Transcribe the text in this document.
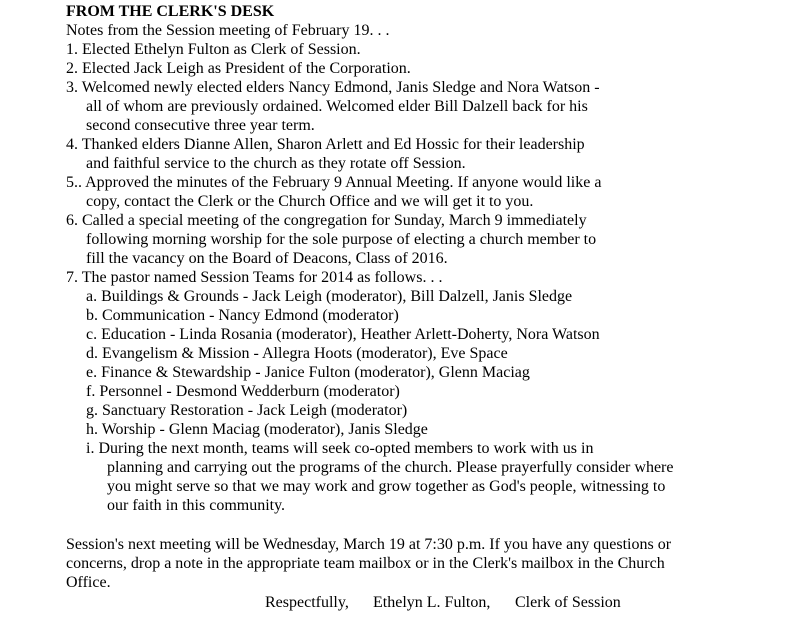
FROM THE CLERK'S DESK
Notes from the Session meeting of February 19. . .
1. Elected Ethelyn Fulton as Clerk of Session.
2. Elected Jack Leigh as President of the Corporation.
3. Welcomed newly elected elders Nancy Edmond, Janis Sledge and Nora Watson -
all of whom are previously ordained. Welcomed elder Bill Dalzell back for his
second consecutive three year term.
4. Thanked elders Dianne Allen, Sharon Arlett and Ed Hossic for their leadership
and faithful service to the church as they rotate off Session.
5.. Approved the minutes of the February 9 Annual Meeting. If anyone would like a
copy, contact the Clerk or the Church Office and we will get it to you.
6. Called a special meeting of the congregation for Sunday, March 9 immediately
following morning worship for the sole purpose of electing a church member to
fill the vacancy on the Board of Deacons, Class of 2016.
7. The pastor named Session Teams for 2014 as follows. . .
a. Buildings & Grounds - Jack Leigh (moderator), Bill Dalzell, Janis Sledge
b. Communication - Nancy Edmond (moderator)
c. Education - Linda Rosania (moderator), Heather Arlett-Doherty, Nora Watson
d. Evangelism & Mission - Allegra Hoots (moderator), Eve Space
e. Finance & Stewardship - Janice Fulton (moderator), Glenn Maciag
f. Personnel - Desmond Wedderburn (moderator)
g. Sanctuary Restoration - Jack Leigh (moderator)
h. Worship - Glenn Maciag (moderator), Janis Sledge
i. During the next month, teams will seek co-opted members to work with us in
planning and carrying out the programs of the church. Please prayerfully consider where
you might serve so that we may work and grow together as God's people, witnessing to
our faith in this community.
Session's next meeting will be Wednesday, March 19 at 7:30 p.m. If you have any questions or
concerns, drop a note in the appropriate team mailbox or in the Clerk's mailbox in the Church
Office.
Respectfully, Ethelyn L. Fulton, Clerk of Session
